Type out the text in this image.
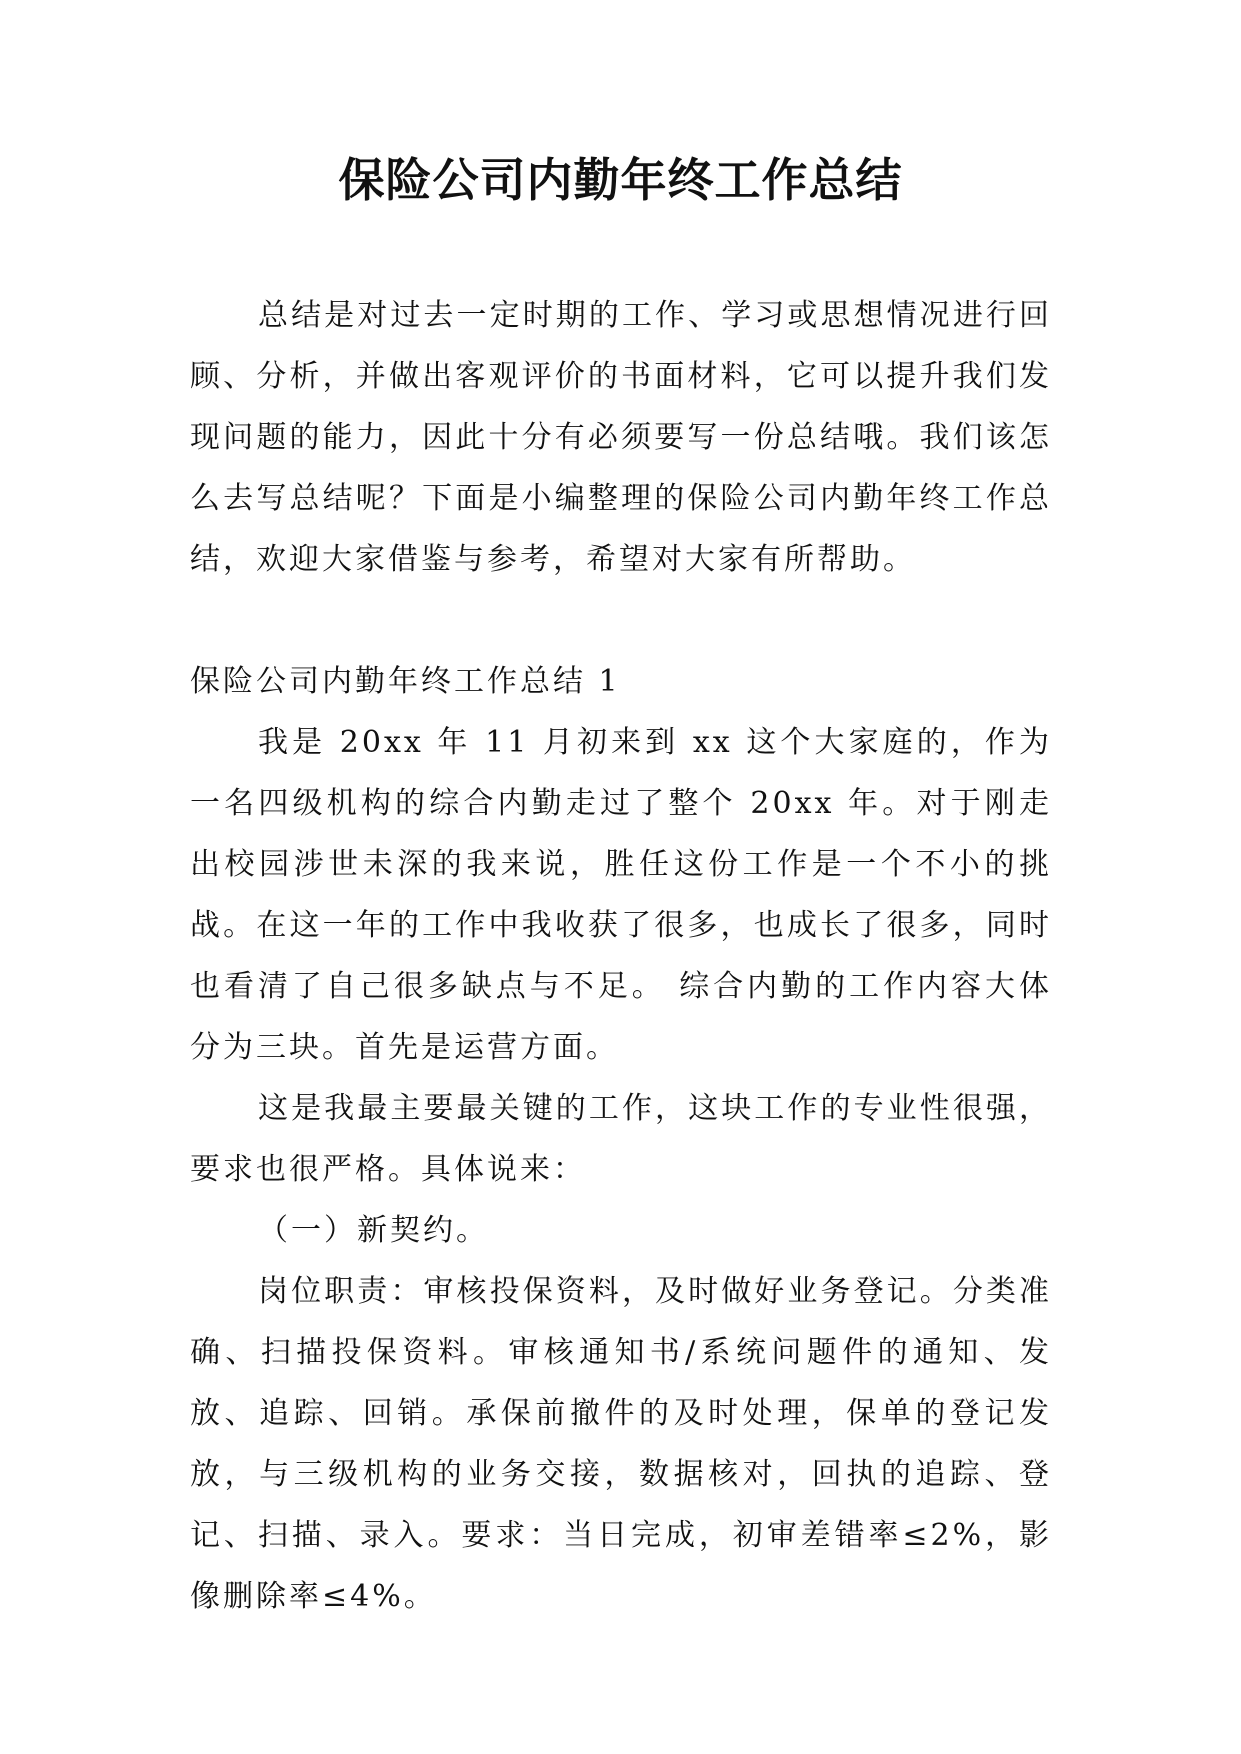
保险公司内勤年终工作总结

总结是对过去一定时期的工作、学习或思想情况进行回顾、分析，并做出客观评价的书面材料，它可以提升我们发现问题的能力，因此十分有必须要写一份总结哦。我们该怎么去写总结呢？下面是小编整理的保险公司内勤年终工作总结，欢迎大家借鉴与参考，希望对大家有所帮助。

保险公司内勤年终工作总结 1

我是 20xx 年 11 月初来到 xx 这个大家庭的，作为一名四级机构的综合内勤走过了整个 20xx 年。对于刚走出校园涉世未深的我来说，胜任这份工作是一个不小的挑战。在这一年的工作中我收获了很多，也成长了很多，同时也看清了自己很多缺点与不足。 综合内勤的工作内容大体分为三块。首先是运营方面。

这是我最主要最关键的工作，这块工作的专业性很强，要求也很严格。具体说来：

（一）新契约。

岗位职责：审核投保资料，及时做好业务登记。分类准确、扫描投保资料。审核通知书/系统问题件的通知、发放、追踪、回销。承保前撤件的及时处理，保单的登记发放，与三级机构的业务交接，数据核对，回执的追踪、登记、扫描、录入。要求：当日完成，初审差错率≤2%，影像删除率≤4%。
